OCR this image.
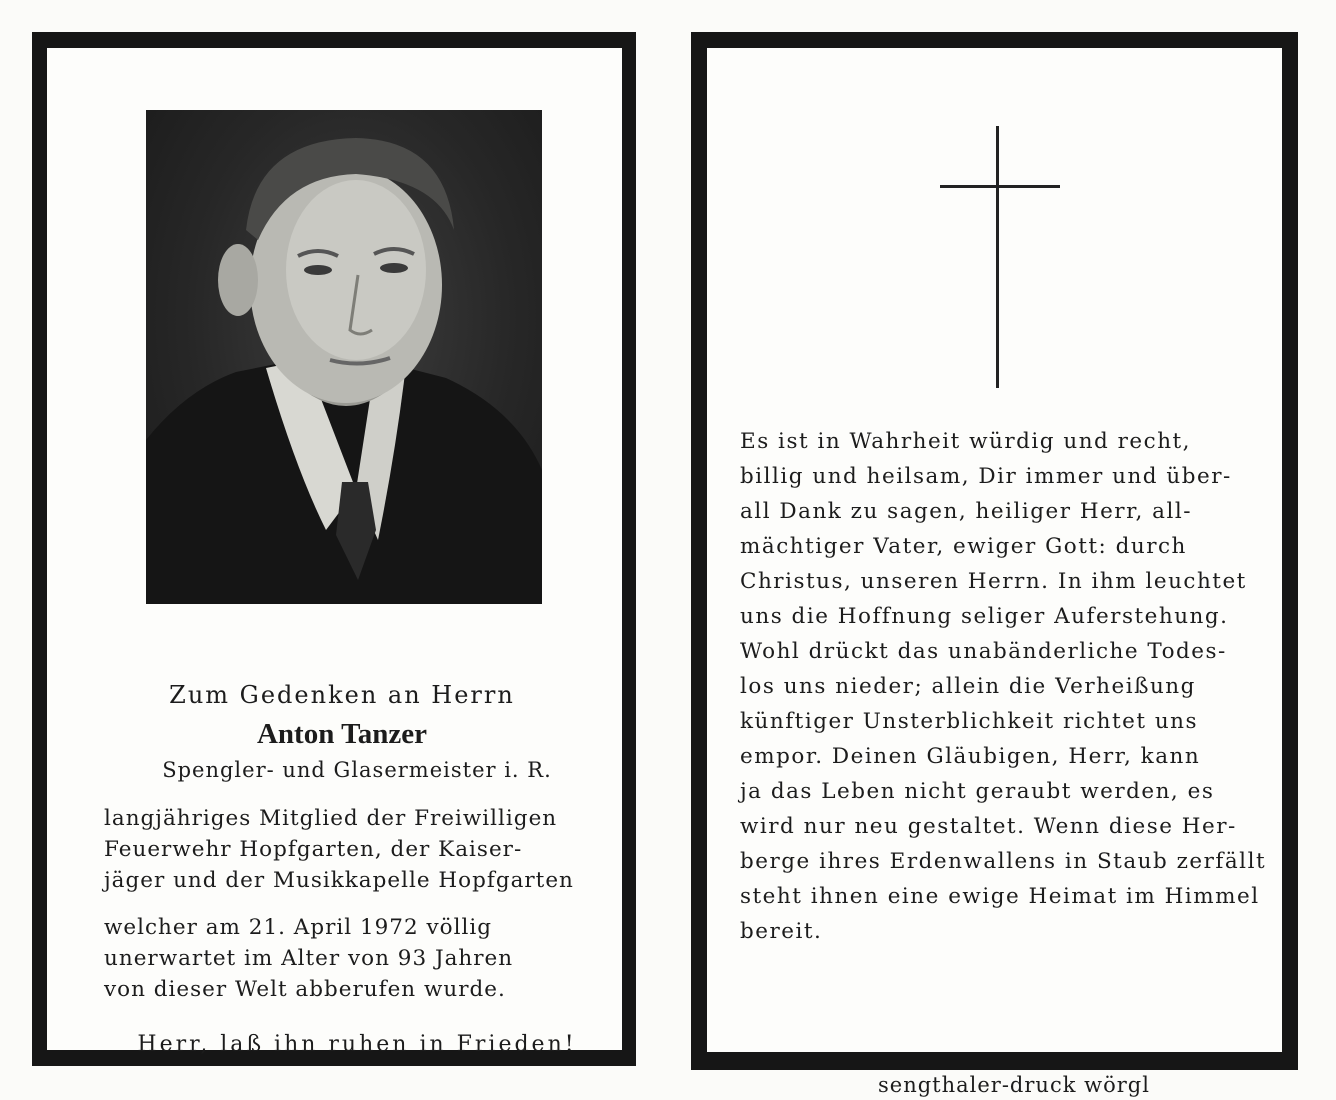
Zum Gedenken an Herrn
Anton Tanzer
Spengler- und Glasermeister i. R.
langjähriges Mitglied der Freiwilligen
Feuerwehr Hopfgarten, der Kaiser-
jäger und der Musikkapelle Hopfgarten
welcher am 21. April 1972 völlig
unerwartet im Alter von 93 Jahren
von dieser Welt abberufen wurde.
Herr, laß ihn ruhen in Frieden!
Es ist in Wahrheit würdig und recht,
billig und heilsam, Dir immer und über-
all Dank zu sagen, heiliger Herr, all-
mächtiger Vater, ewiger Gott: durch
Christus, unseren Herrn. In ihm leuchtet
uns die Hoffnung seliger Auferstehung.
Wohl drückt das unabänderliche Todes-
los uns nieder; allein die Verheißung
künftiger Unsterblichkeit richtet uns
empor. Deinen Gläubigen, Herr, kann
ja das Leben nicht geraubt werden, es
wird nur neu gestaltet. Wenn diese Her-
berge ihres Erdenwallens in Staub zerfällt
steht ihnen eine ewige Heimat im Himmel
bereit.
sengthaler-druck wörgl
